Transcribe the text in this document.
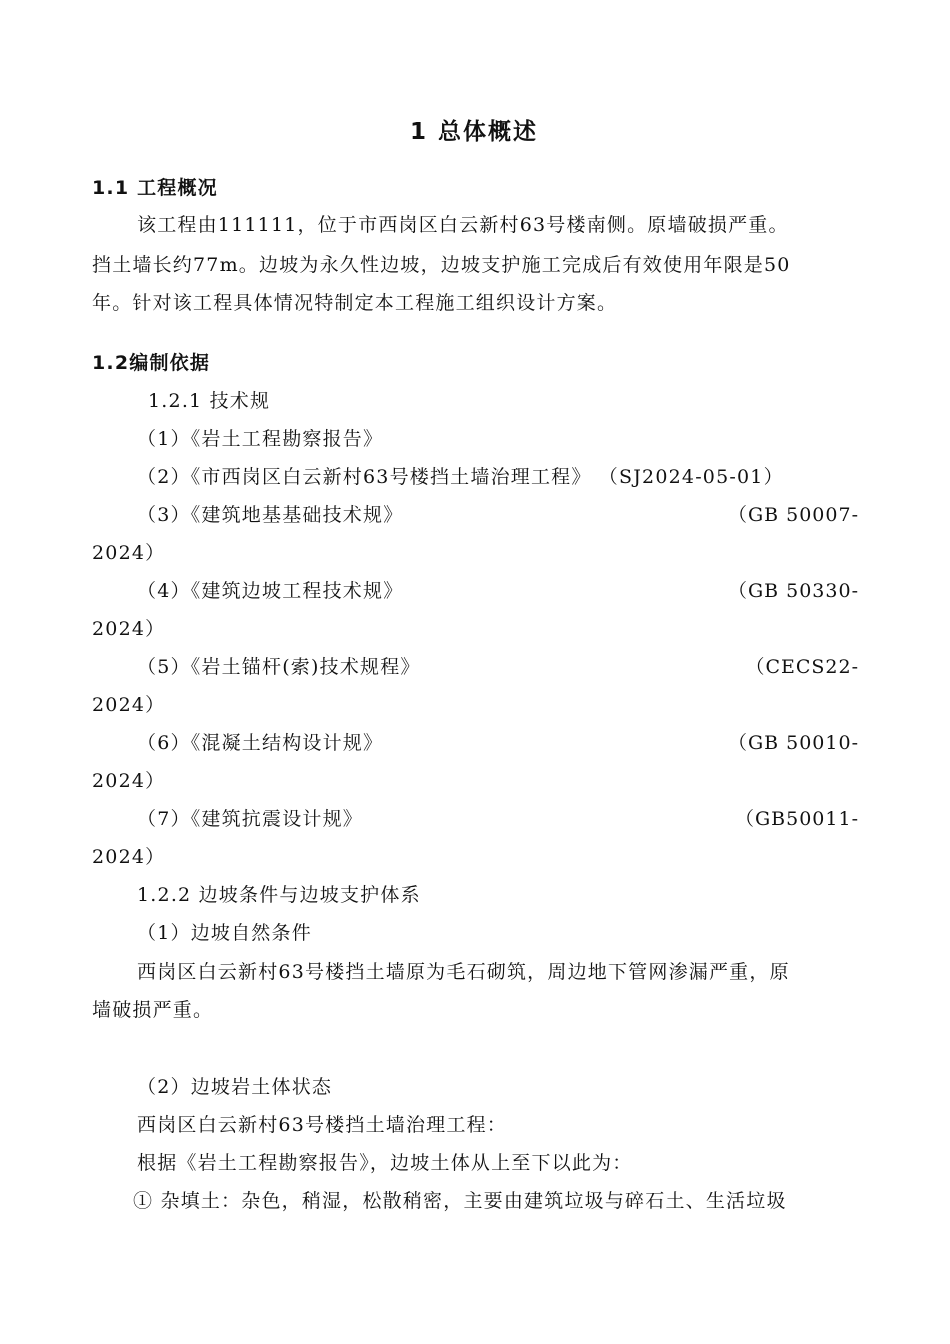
1 总体概述
1.1 工程概况
该工程由111111，位于市西岗区白云新村63号楼南侧。原墙破损严重。
挡土墙长约77m。边坡为永久性边坡，边坡支护施工完成后有效使用年限是50
年。针对该工程具体情况特制定本工程施工组织设计方案。
1.2编制依据
1.2.1 技术规
（1）《岩土工程勘察报告》
（2）《市西岗区白云新村63号楼挡土墙治理工程》 （SJ2024-05-01）
（3）《建筑地基基础技术规》	（GB 50007-
2024）
（4）《建筑边坡工程技术规》	（GB 50330-
2024）
（5）《岩土锚杆(索)技术规程》	（CECS22-
2024）
（6）《混凝土结构设计规》	（GB 50010-
2024）
（7）《建筑抗震设计规》	（GB50011-
2024）
1.2.2 边坡条件与边坡支护体系
（1）边坡自然条件
西岗区白云新村63号楼挡土墙原为毛石砌筑，周边地下管网渗漏严重，原
墙破损严重。
（2）边坡岩土体状态
西岗区白云新村63号楼挡土墙治理工程：
根据《岩土工程勘察报告》，边坡土体从上至下以此为：
① 杂填土：杂色，稍湿，松散稍密，主要由建筑垃圾与碎石土、生活垃圾
